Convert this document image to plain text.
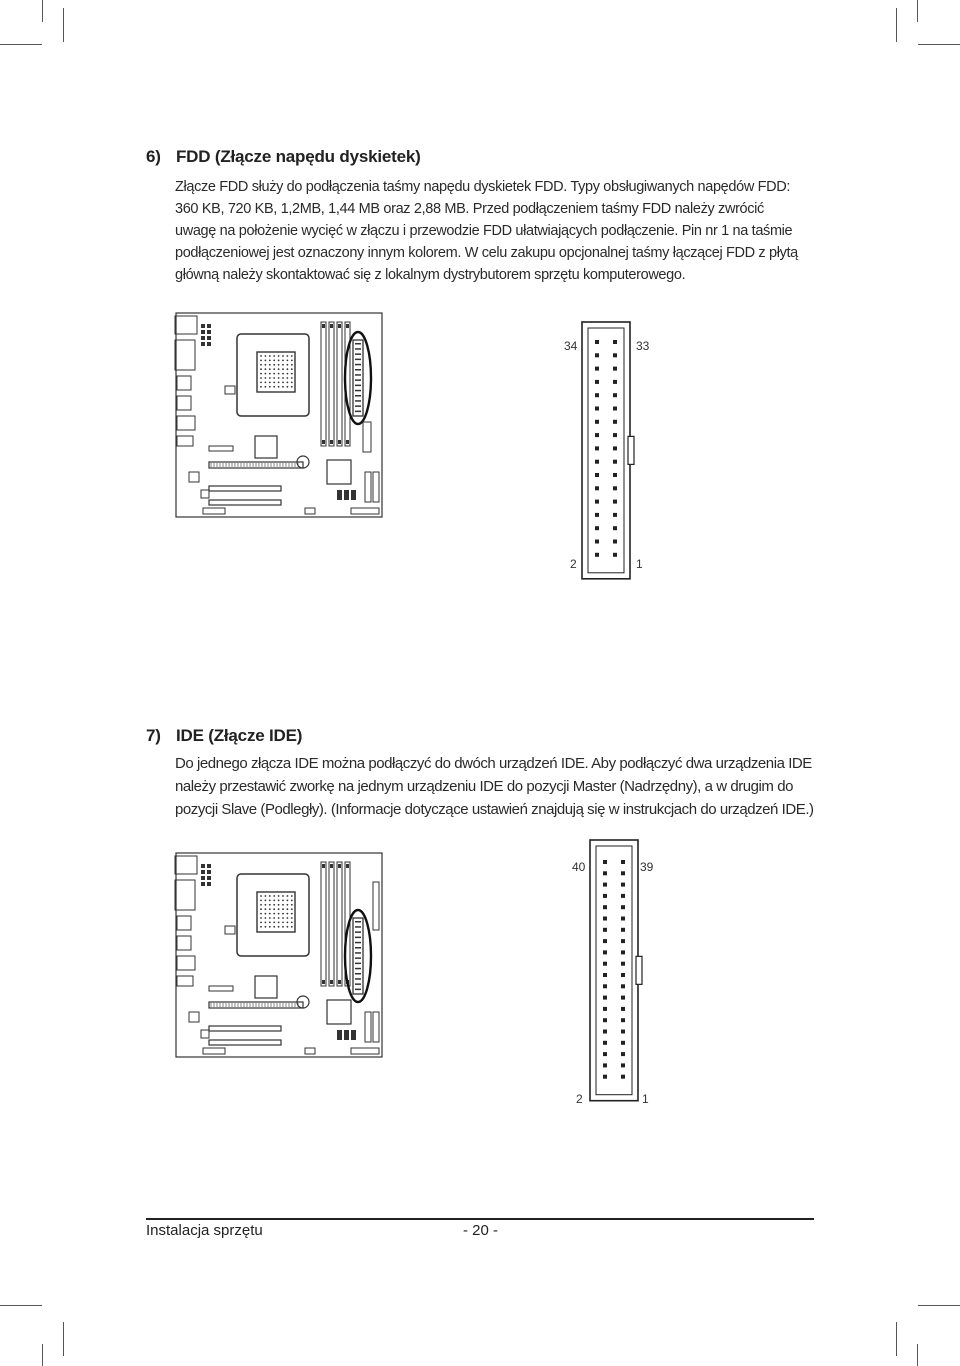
6) FDD (Złącze napędu dyskietek)
Złącze FDD służy do podłączenia taśmy napędu dyskietek FDD. Typy obsługiwanych napędów FDD:
360 KB, 720 KB, 1,2MB, 1,44 MB oraz 2,88 MB. Przed podłączeniem taśmy FDD należy zwrócić
uwagę na położenie wycięć w złączu i przewodzie FDD ułatwiających podłączenie. Pin nr 1 na taśmie
podłączeniowej jest oznaczony innym kolorem. W celu zakupu opcjonalnej taśmy łączącej FDD z płytą
główną należy skontaktować się z lokalnym dystrybutorem sprzętu komputerowego.
34	33
2	1
7) IDE (Złącze IDE)
Do jednego złącza IDE można podłączyć do dwóch urządzeń IDE. Aby podłączyć dwa urządzenia IDE
należy przestawić zworkę na jednym urządzeniu IDE do pozycji Master (Nadrzędny), a w drugim do
pozycji Slave (Podległy). (Informacje dotyczące ustawień znajdują się w instrukcjach do urządzeń IDE.)
40	39
2	1
Instalacja sprzętu	- 20 -
